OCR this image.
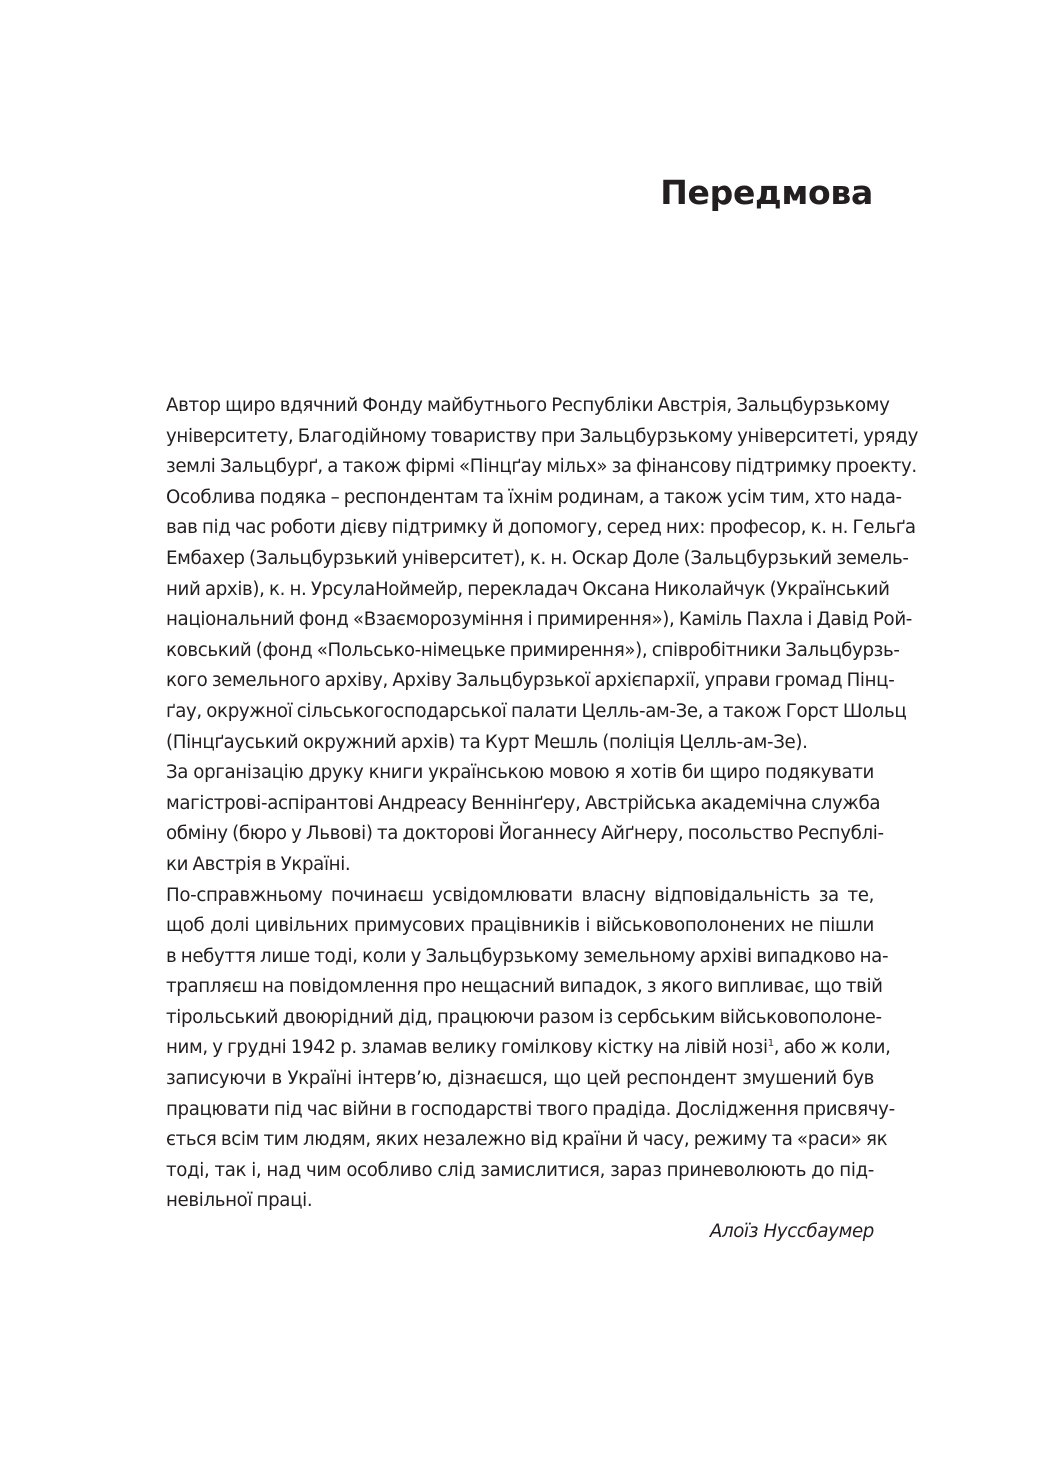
Передмова
Автор щиро вдячний Фонду майбутнього Республіки Австрія, Зальцбурзькому
університету, Благодійному товариству при Зальцбурзькому університеті, уряду
землі Зальцбурґ, а також фірмі «Пінцґау мільх» за фінансову підтримку проекту.
Особлива подяка – респондентам та їхнім родинам, а також усім тим, хто нада-
вав під час роботи дієву підтримку й допомогу, серед них: професор, к. н. Гельґа
Ембахер (Зальцбурзький університет), к. н. Оскар Доле (Зальцбурзький земель-
ний архів), к. н. УрсулаНоймейр, перекладач Оксана Николайчук (Український
національний фонд «Взаєморозуміння і примирення»), Каміль Пахла і Давід Рой-
ковський (фонд «Польсько-німецьке примирення»), співробітники Зальцбурзь-
кого земельного архіву, Архіву Зальцбурзької архієпархії, управи громад Пінц-
ґау, окружної сільськогосподарської палати Целль-ам-Зе, а також Горст Шольц
(Пінцґауський окружний архів) та Курт Мешль (поліція Целль-ам-Зе).
За організацію друку книги українською мовою я хотів би щиро подякувати
магістрові-аспірантові Андреасу Веннінґеру, Австрійська академічна служба
обміну (бюро у Львові) та докторові Йоганнесу Айґнеру, посольство Республі-
ки Австрія в Україні.
По-справжньому починаєш усвідомлювати власну відповідальність за те,
щоб долі цивільних примусових працівників і військовополонених не пішли
в небуття лише тоді, коли у Зальцбурзькому земельному архіві випадково на-
трапляєш на повідомлення про нещасний випадок, з якого випливає, що твій
тірольський двоюрідний дід, працюючи разом із сербським військовополоне-
ним, у грудні 1942 р. зламав велику гомілкову кістку на лівій нозі$^1$, або ж коли,
записуючи в Україні інтерв’ю, дізнаєшся, що цей респондент змушений був
працювати під час війни в господарстві твого прадіда. Дослідження присвячу-
ється всім тим людям, яких незалежно від країни й часу, режиму та «раси» як
тоді, так і, над чим особливо слід замислитися, зараз приневолюють до під-
невільної праці.
Алоїз Нуссбаумер
